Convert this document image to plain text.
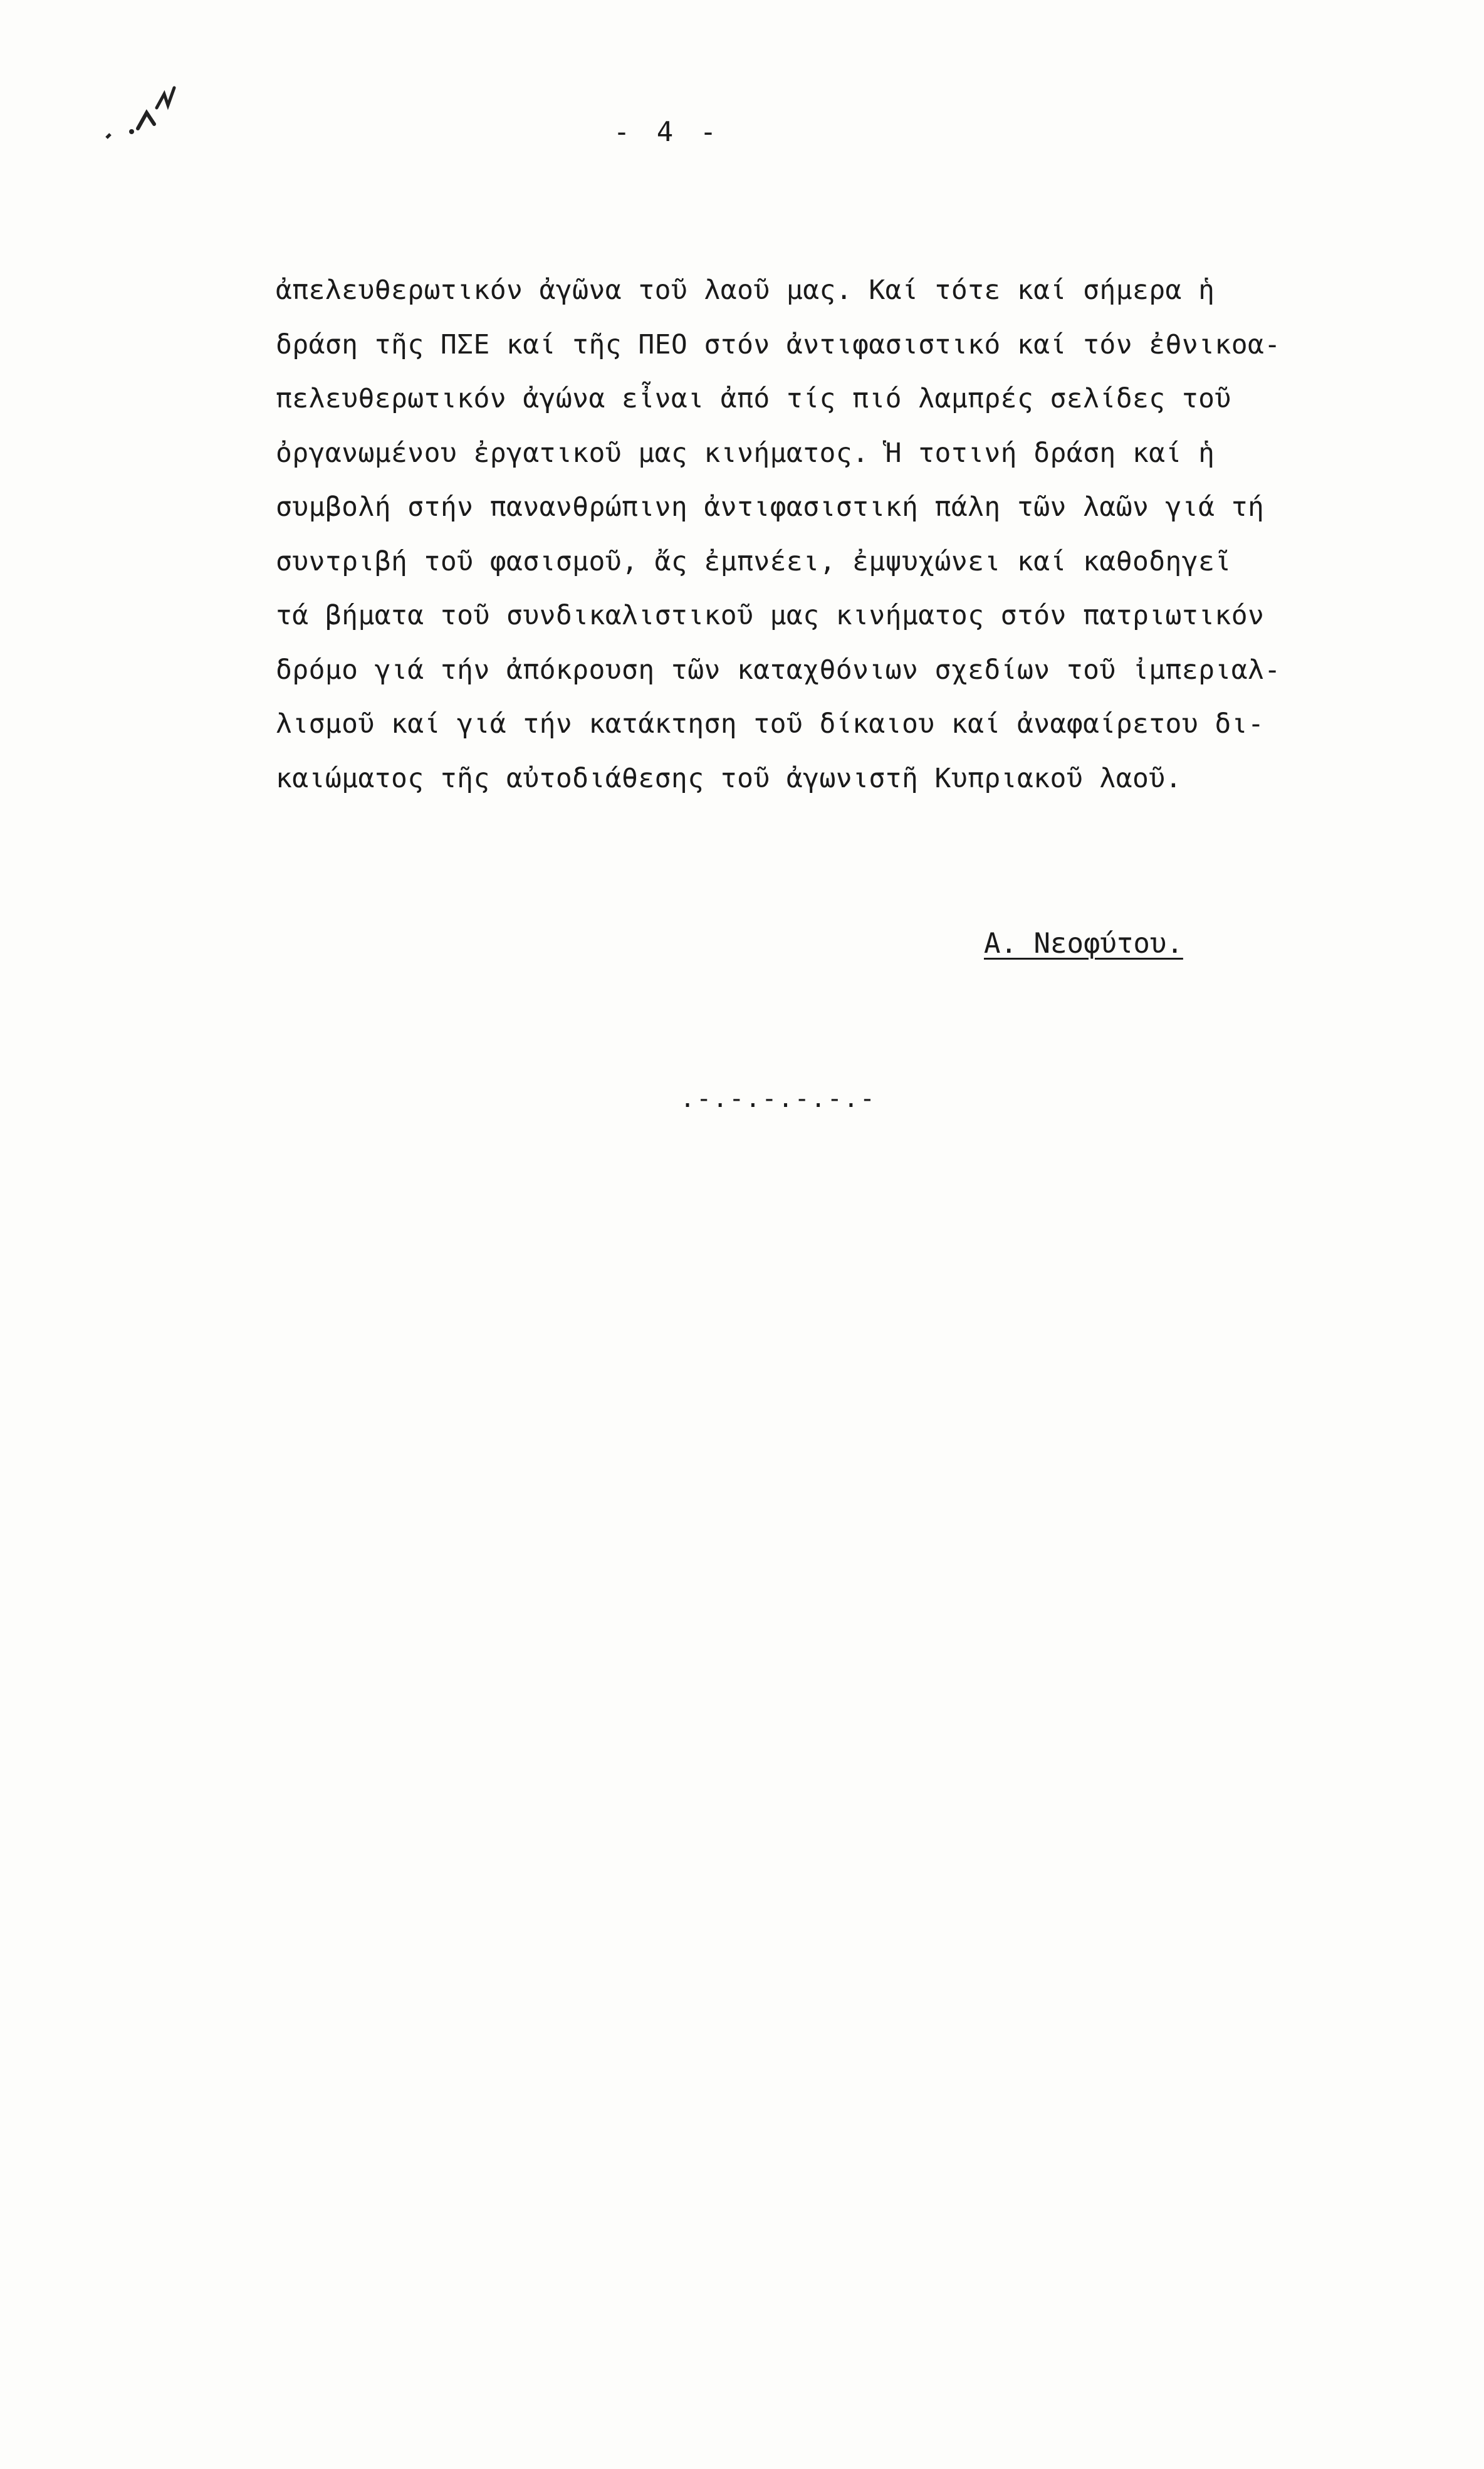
- 4 -
ἀπελευθερωτικόν ἀγῶνα τοῦ λαοῦ μας. Καί τότε καί σήμερα ἡ
δράση τῆς ΠΣΕ καί τῆς ΠΕΟ στόν ἀντιφασιστικό καί τόν ἐθνικοα-
πελευθερωτικόν ἀγώνα εἶναι ἀπό τίς πιό λαμπρές σελίδες τοῦ
ὀργανωμένου ἐργατικοῦ μας κινήματος. Ἡ τοτινή δράση καί ἡ
συμβολή στήν πανανθρώπινη ἀντιφασιστική πάλη τῶν λαῶν γιά τή
συντριβή τοῦ φασισμοῦ, ἄς ἐμπνέει, ἐμψυχώνει καί καθοδηγεῖ
τά βήματα τοῦ συνδικαλιστικοῦ μας κινήματος στόν πατριωτικόν
δρόμο γιά τήν ἀπόκρουση τῶν καταχθόνιων σχεδίων τοῦ ἰμπεριαλ-
λισμοῦ καί γιά τήν κατάκτηση τοῦ δίκαιου καί ἀναφαίρετου δι-
καιώματος τῆς αὐτοδιάθεσης τοῦ ἀγωνιστῆ Κυπριακοῦ λαοῦ.
Α. Νεοφύτου.
.-.-.-.-.-.-
